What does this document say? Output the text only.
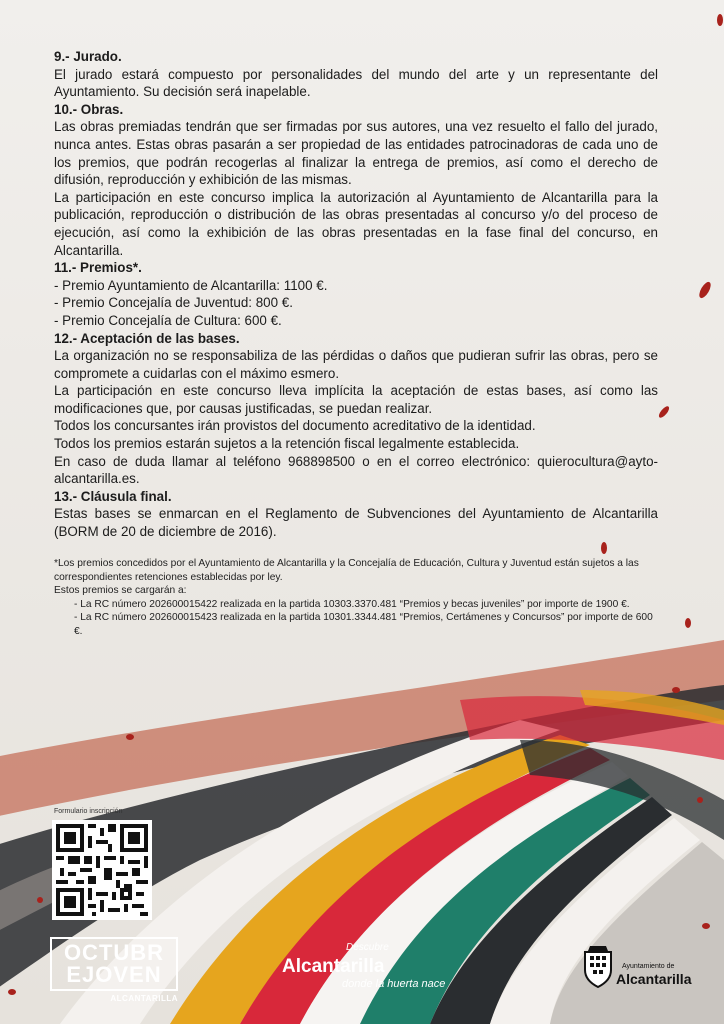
9.- Jurado.

El jurado estará compuesto por personalidades del mundo del arte y un representante del Ayuntamiento. Su decisión será inapelable.

10.- Obras.

Las obras premiadas tendrán que ser firmadas por sus autores, una vez resuelto el fallo del jurado, nunca antes. Estas obras pasarán a ser propiedad de las entidades patrocinadoras de cada uno de los premios, que podrán recogerlas al finalizar la entrega de premios, así como el derecho de difusión, reproducción y exhibición de las mismas.

La participación en este concurso implica la autorización al Ayuntamiento de Alcantarilla para la publicación, reproducción o distribución de las obras presentadas al concurso y/o del proceso de ejecución, así como la exhibición de las obras presentadas en la fase final del concurso, en Alcantarilla.

11.- Premios*.
- Premio Ayuntamiento de Alcantarilla: 1100 €.
- Premio Concejalía de Juventud: 800 €.
- Premio Concejalía de Cultura: 600 €.
12.- Aceptación de las bases.

La organización no se responsabiliza de las pérdidas o daños que pudieran sufrir las obras, pero se compromete a cuidarlas con el máximo esmero.

La participación en este concurso lleva implícita la aceptación de estas bases, así como las modificaciones que, por causas justificadas, se puedan realizar.

Todos los concursantes irán provistos del documento acreditativo de la identidad.

Todos los premios estarán sujetos a la retención fiscal legalmente establecida.

En caso de duda llamar al teléfono 968898500 o en el correo electrónico: quierocultura@ayto-alcantarilla.es.

13.- Cláusula final.

Estas bases se enmarcan en el Reglamento de Subvenciones del Ayuntamiento de Alcantarilla (BORM de 20 de diciembre de 2016).

*Los premios concedidos por el Ayuntamiento de Alcantarilla y la Concejalía de Educación, Cultura y Juventud están sujetos a las correspondientes retenciones establecidas por ley.

Estos premios se cargarán a:

- La RC número 202600015422 realizada en la partida 10303.3370.481 “Premios y becas juveniles” por importe de 1900 €.
- La RC número 202600015423 realizada en la partida 10301.3344.481 “Premios, Certámenes y Concursos” por importe de 600 €.
Formulario inscripción
OCTUBR
EJOVEN
ALCANTARILLA
Descubre
Alcantarilla
donde la huerta nace
Ayuntamiento de
Alcantarilla
